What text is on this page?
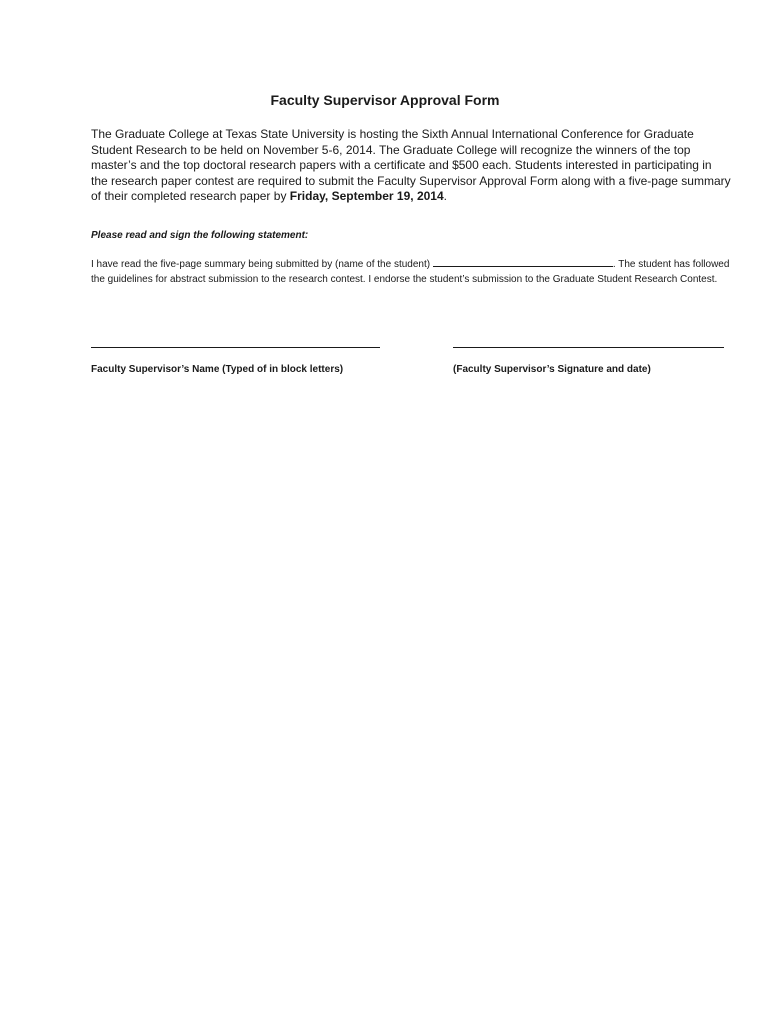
Faculty Supervisor Approval Form

The Graduate College at Texas State University is hosting the Sixth Annual International Conference for Graduate Student Research to be held on November 5-6, 2014. The Graduate College will recognize the winners of the top master’s and the top doctoral research papers with a certificate and $500 each. Students interested in participating in the research paper contest are required to submit the Faculty Supervisor Approval Form along with a five-page summary of their completed research paper by Friday, September 19, 2014.

Please read and sign the following statement:

I have read the five-page summary being submitted by (name of the student)	. The student has followed the guidelines for abstract submission to the research contest. I endorse the student’s submission to the Graduate Student Research Contest.

Faculty Supervisor’s Name (Typed of in block letters)	(Faculty Supervisor’s Signature and date)
